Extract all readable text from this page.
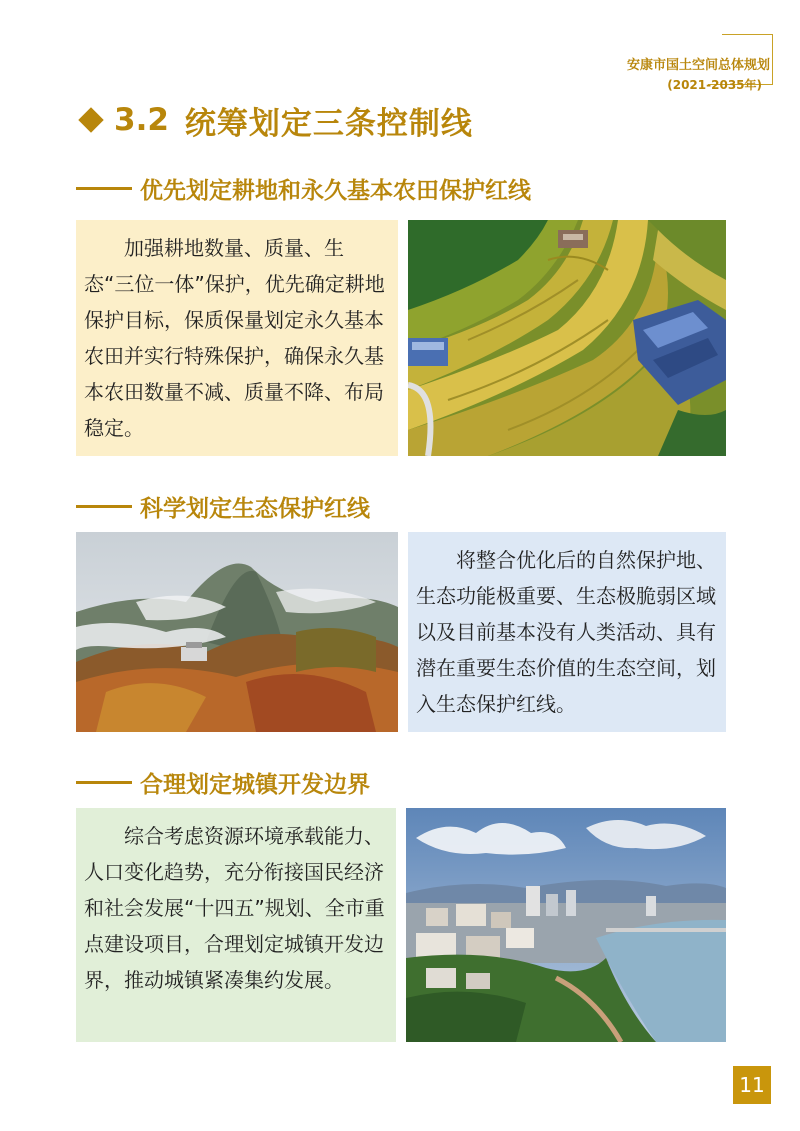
安康市国土空间总体规划
(2021-2035年)
3.2 统筹划定三条控制线
优先划定耕地和永久基本农田保护红线

加强耕地数量、质量、生态“三位一体”保护，优先确定耕地保护目标，保质保量划定永久基本农田并实行特殊保护，确保永久基本农田数量不减、质量不降、布局稳定。

科学划定生态保护红线

将整合优化后的自然保护地、生态功能极重要、生态极脆弱区域以及目前基本没有人类活动、具有潜在重要生态价值的生态空间，划入生态保护红线。

合理划定城镇开发边界

综合考虑资源环境承载能力、人口变化趋势，充分衔接国民经济和社会发展“十四五”规划、全市重点建设项目，合理划定城镇开发边界，推动城镇紧凑集约发展。

11
